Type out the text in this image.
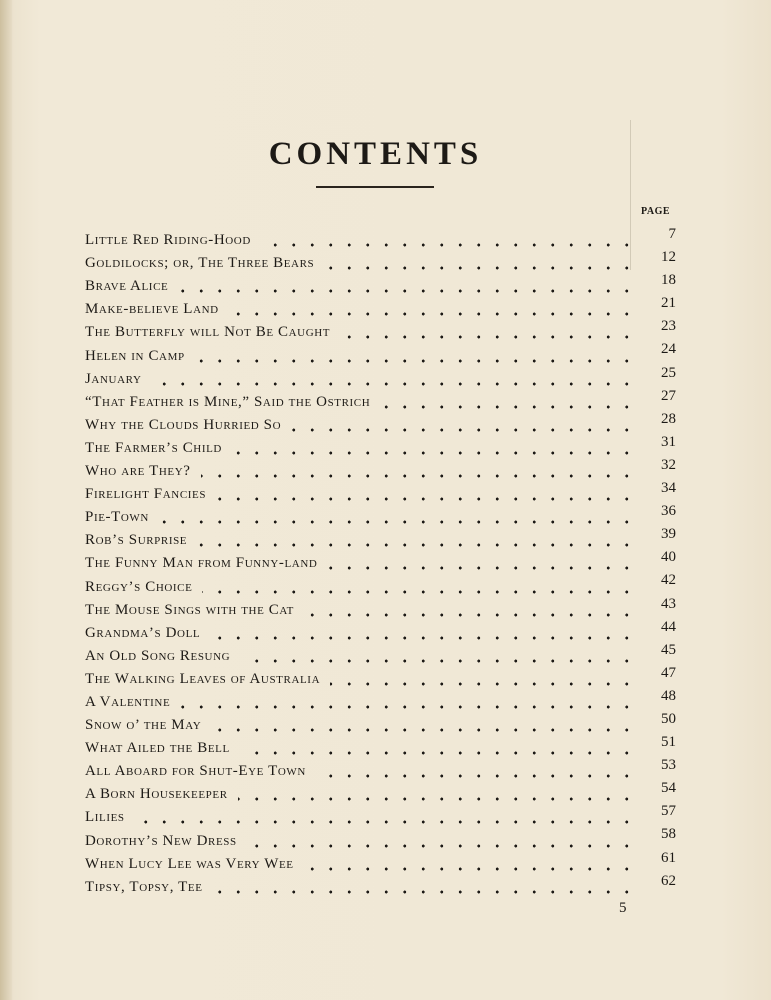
CONTENTS
PAGE
Little Red Riding-Hood	7
Goldilocks; or, The Three Bears	12
Brave Alice	18
Make-believe Land	21
The Butterfly will Not Be Caught	23
Helen in Camp	24
January	25
“That Feather is Mine,” Said the Ostrich	27
Why the Clouds Hurried So	28
The Farmer’s Child	31
Who are They?	32
Firelight Fancies	34
Pie-Town	36
Rob’s Surprise	39
The Funny Man from Funny-land	40
Reggy’s Choice	42
The Mouse Sings with the Cat	43
Grandma’s Doll	44
An Old Song Resung	45
The Walking Leaves of Australia	47
A Valentine	48
Snow o’ the May	50
What Ailed the Bell	51
All Aboard for Shut-Eye Town	53
A Born Housekeeper	54
Lilies	57
Dorothy’s New Dress	58
When Lucy Lee was Very Wee	61
Tipsy, Topsy, Tee	62
5
